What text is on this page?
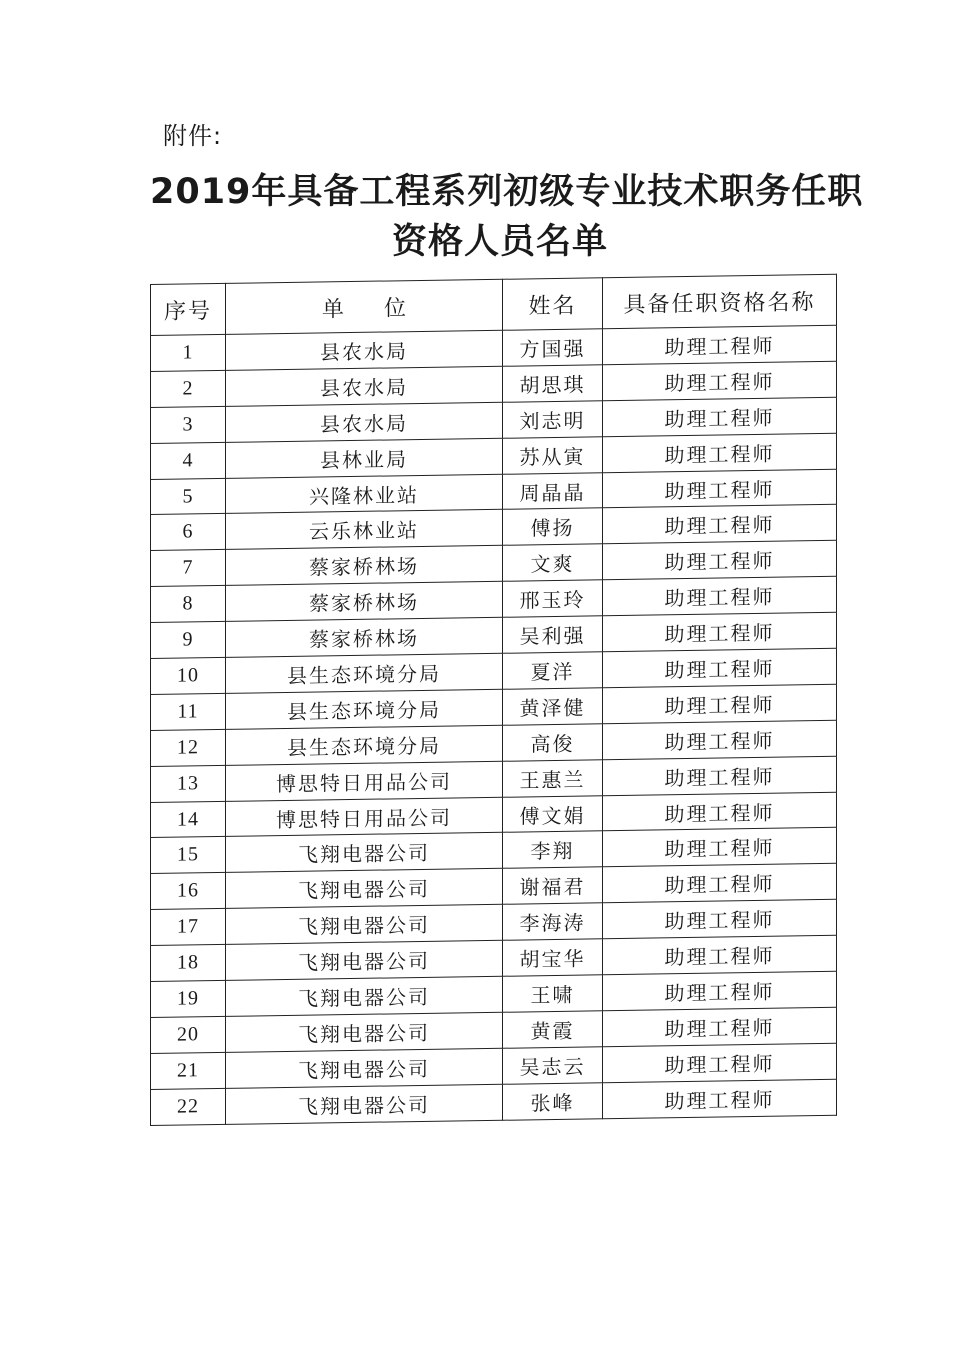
附件:
2019年具备工程系列初级专业技术职务任职
资格人员名单
序号	单位	姓名	具备任职资格名称
1	县农水局	方国强	助理工程师
2	县农水局	胡思琪	助理工程师
3	县农水局	刘志明	助理工程师
4	县林业局	苏从寅	助理工程师
5	兴隆林业站	周晶晶	助理工程师
6	云乐林业站	傅扬	助理工程师
7	蔡家桥林场	文爽	助理工程师
8	蔡家桥林场	邢玉玲	助理工程师
9	蔡家桥林场	吴利强	助理工程师
10	县生态环境分局	夏洋	助理工程师
11	县生态环境分局	黄泽健	助理工程师
12	县生态环境分局	高俊	助理工程师
13	博思特日用品公司	王惠兰	助理工程师
14	博思特日用品公司	傅文娟	助理工程师
15	飞翔电器公司	李翔	助理工程师
16	飞翔电器公司	谢福君	助理工程师
17	飞翔电器公司	李海涛	助理工程师
18	飞翔电器公司	胡宝华	助理工程师
19	飞翔电器公司	王啸	助理工程师
20	飞翔电器公司	黄霞	助理工程师
21	飞翔电器公司	吴志云	助理工程师
22	飞翔电器公司	张峰	助理工程师
